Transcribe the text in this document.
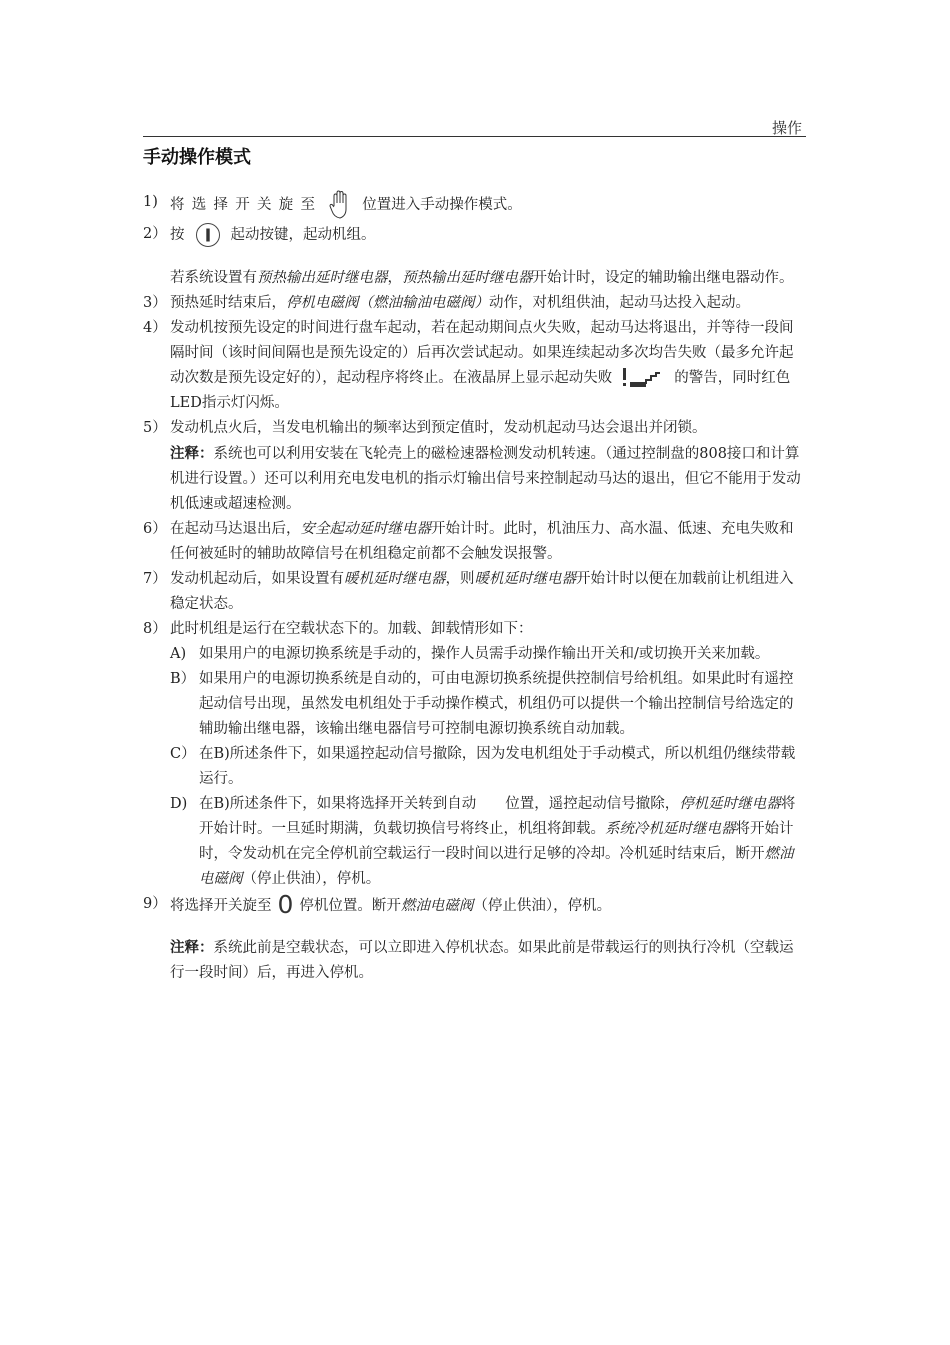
操作
手动操作模式
1) 将选择开关旋至	位置进入手动操作模式。
2） 按	起动按键，起动机组。
若系统设置有预热输出延时继电器，预热输出延时继电器开始计时，设定的辅助输出继电器动作。
3） 预热延时结束后，停机电磁阀（燃油输油电磁阀）动作，对机组供油，起动马达投入起动。
4） 发动机按预先设定的时间进行盘车起动，若在起动期间点火失败，起动马达将退出，并等待一段间隔时间（该时间间隔也是预先设定的）后再次尝试起动。如果连续起动多次均告失败（最多允许起动次数是预先设定好的），起动程序将终止。在液晶屏上显示起动失败	的警告，同时红色LED指示灯闪烁。
5） 发动机点火后，当发电机输出的频率达到预定值时，发动机起动马达会退出并闭锁。
注释：系统也可以利用安装在飞轮壳上的磁检速器检测发动机转速。（通过控制盘的808接口和计算机进行设置。）还可以利用充电发电机的指示灯输出信号来控制起动马达的退出，但它不能用于发动机低速或超速检测。
6） 在起动马达退出后，安全起动延时继电器开始计时。此时，机油压力、高水温、低速、充电失败和任何被延时的辅助故障信号在机组稳定前都不会触发误报警。
7） 发动机起动后，如果设置有暖机延时继电器，则暖机延时继电器开始计时以便在加载前让机组进入稳定状态。
8） 此时机组是运行在空载状态下的。加载、卸载情形如下：
A) 如果用户的电源切换系统是手动的，操作人员需手动操作输出开关和/或切换开关来加载。
B） 如果用户的电源切换系统是自动的，可由电源切换系统提供控制信号给机组。如果此时有遥控起动信号出现，虽然发电机组处于手动操作模式，机组仍可以提供一个输出控制信号给选定的辅助输出继电器，该输出继电器信号可控制电源切换系统自动加载。
C） 在B)所述条件下，如果遥控起动信号撤除，因为发电机组处于手动模式，所以机组仍继续带载运行。
D) 在B)所述条件下，如果将选择开关转到自动　　位置，遥控起动信号撤除，停机延时继电器将开始计时。一旦延时期满，负载切换信号将终止，机组将卸载。系统冷机延时继电器将开始计时，令发动机在完全停机前空载运行一段时间以进行足够的冷却。冷机延时结束后，断开燃油电磁阀（停止供油），停机。
9） 将选择开关旋至 0 停机位置。断开燃油电磁阀（停止供油），停机。
注释：系统此前是空载状态，可以立即进入停机状态。如果此前是带载运行的则执行冷机（空载运行一段时间）后，再进入停机。
